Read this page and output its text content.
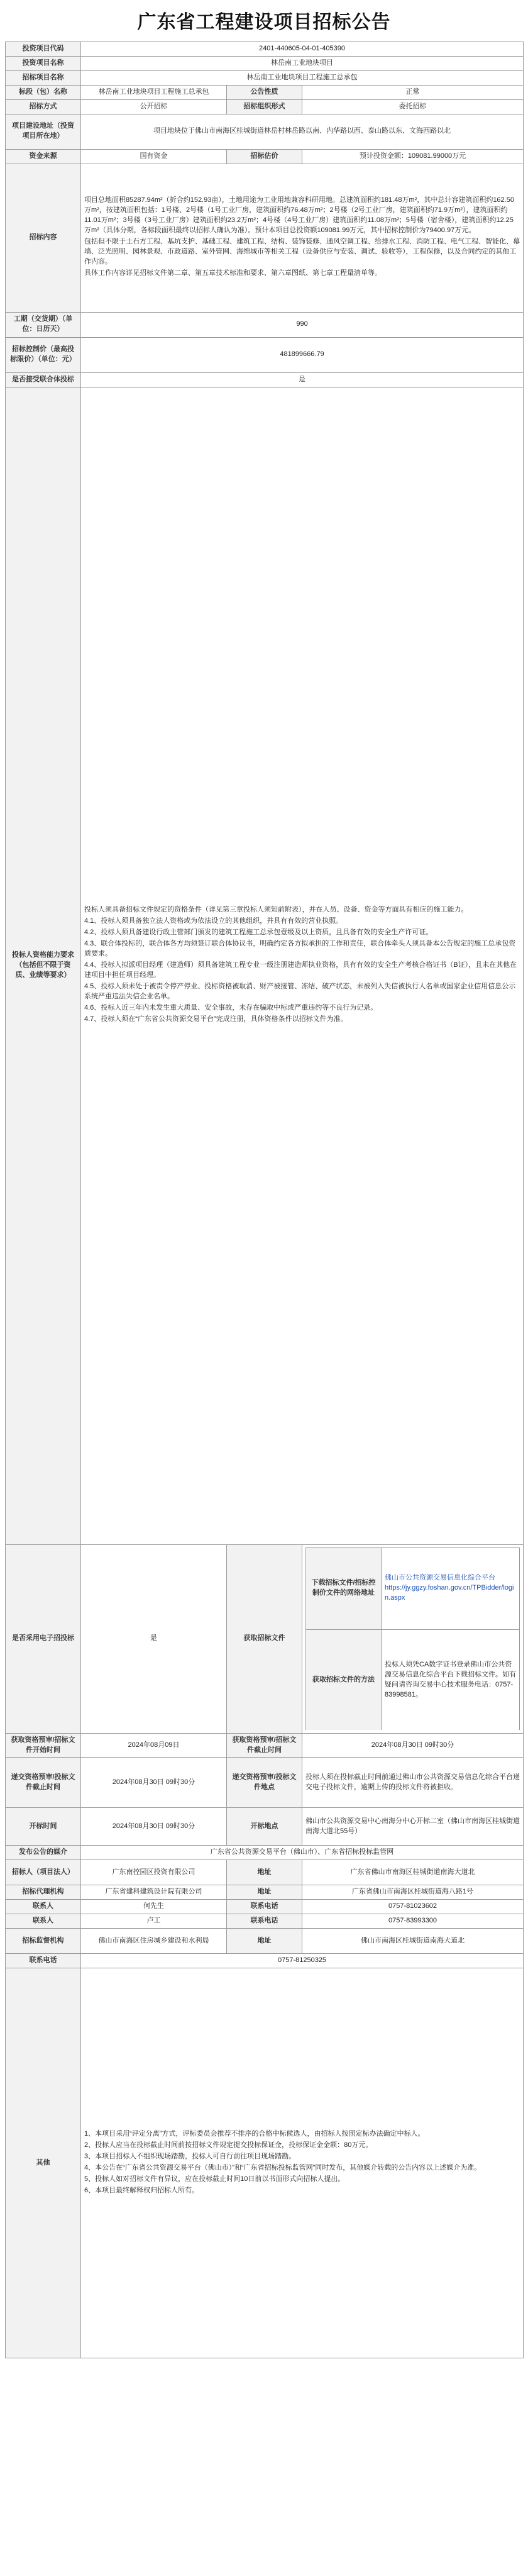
广东省工程建设项目招标公告
投资项目代码	2401-440605-04-01-405390
投资项目名称	林岳南工业地块项目
招标项目名称	林岳南工业地块项目工程施工总承包
标段（包）名称	林岳南工业地块项目工程施工总承包	公告性质	正常
招标方式	公开招标	招标组织形式	委托招标
项目建设地址（投资项目所在地）	项目地块位于佛山市南海区桂城街道林岳村林岳路以南、内华路以西、泰山路以东、文海西路以北
资金来源	国有资金	招标估价	预计投资金额：109081.99000万元
招标内容	

项目总地面积85287.94m²（折合约152.93亩），土地用途为工业用地兼容科研用地。总建筑面积约181.48万m²，其中总计容建筑面积约162.50万m²，按建筑面积包括：1号楼、2号楼（1号工业厂房，建筑面积约76.48万m²；2号楼（2号工业厂房，建筑面积约71.9万m²），建筑面积约11.01万m²；3号楼（3号工业厂房）建筑面积约23.2万m²；4号楼（4号工业厂房）建筑面积约11.08万m²；5号楼（宿舍楼），建筑面积约12.25万m²（具体分期，各标段面积最终以招标人确认为准）。预计本项目总投资额109081.99万元，其中招标控制价为79400.97万元。

包括但不限于土石方工程、基坑支护、基础工程、建筑工程、结构、装饰装修、通风空调工程、给排水工程、消防工程、电气工程、智能化、幕墙、泛光照明、园林景观、市政道路、室外管网、海绵城市等相关工程（设备供应与安装、调试、验收等），工程保修，以及合同约定的其他工作内容。

具体工作内容详见招标文件第二章、第五章技术标准和要求、第六章图纸、第七章工程量清单等。

工期（交货期）（单位：日历天）	990
招标控制价（最高投标限价）（单位：元）	481899666.79
是否接受联合体投标	是
投标人资格能力要求（包括但不限于资质、业绩等要求）	

投标人须具备招标文件规定的资格条件（详见第三章投标人须知前附表），并在人员、设备、资金等方面具有相应的施工能力。

4.1、投标人须具备独立法人资格或为依法设立的其他组织，并具有有效的营业执照。

4.2、投标人须具备建设行政主管部门颁发的建筑工程施工总承包壹级及以上资质，且具备有效的安全生产许可证。

4.3、联合体投标的，联合体各方均须签订联合体协议书，明确约定各方拟承担的工作和责任，联合体牵头人须具备本公告规定的施工总承包资质要求。

4.4、投标人拟派项目经理（建造师）须具备建筑工程专业一级注册建造师执业资格，具有有效的安全生产考核合格证书（B证），且未在其他在建项目中担任项目经理。

4.5、投标人须未处于被责令停产停业、投标资格被取消、财产被接管、冻结、破产状态，未被列入失信被执行人名单或国家企业信用信息公示系统严重违法失信企业名单。

4.6、投标人近三年内未发生重大质量、安全事故，未存在骗取中标或严重违约等不良行为记录。

4.7、投标人须在“广东省公共资源交易平台”完成注册，具体资格条件以招标文件为准。

是否采用电子招投标	是	获取招标文件	
下载招标文件/招标控制价文件的网络地址	佛山市公共资源交易信息化综合平台 https://jy.ggzy.foshan.gov.cn/TPBidder/login.aspx
获取招标文件的方法	投标人须凭CA数字证书登录佛山市公共资源交易信息化综合平台下载招标文件。如有疑问请咨询交易中心技术服务电话：0757-83998581。

获取资格预审/招标文件开始时间	2024年08月09日	获取资格预审/招标文件截止时间	2024年08月30日 09时30分
递交资格预审/投标文件截止时间	2024年08月30日 09时30分	递交资格预审/投标文件地点	投标人须在投标截止时间前通过佛山市公共资源交易信息化综合平台递交电子投标文件，逾期上传的投标文件将被拒收。
开标时间	2024年08月30日 09时30分	开标地点	佛山市公共资源交易中心南海分中心开标二室（佛山市南海区桂城街道南海大道北55号）
发布公告的媒介	广东省公共资源交易平台（佛山市）、广东省招标投标监管网
招标人（项目法人）	广东南控园区投资有限公司	地址	广东省佛山市南海区桂城街道南海大道北
招标代理机构	广东省建科建筑设计院有限公司	地址	广东省佛山市南海区桂城街道海八路1号
联系人	何先生	联系电话	0757-81023602
联系人	卢工	联系电话	0757-83993300
招标监督机构	佛山市南海区住房城乡建设和水利局	地址	佛山市南海区桂城街道南海大道北
联系电话	0757-81250325
其他	

1、本项目采用“评定分离”方式，评标委员会推荐不排序的合格中标候选人，由招标人按照定标办法确定中标人。

2、投标人应当在投标截止时间前按招标文件规定提交投标保证金，投标保证金金额：80万元。

3、本项目招标人不组织现场踏勘，投标人可自行前往项目现场踏勘。

4、本公告在“广东省公共资源交易平台（佛山市）”和“广东省招标投标监管网”同时发布，其他媒介转载的公告内容以上述媒介为准。

5、投标人如对招标文件有异议，应在投标截止时间10日前以书面形式向招标人提出。

6、本项目最终解释权归招标人所有。
